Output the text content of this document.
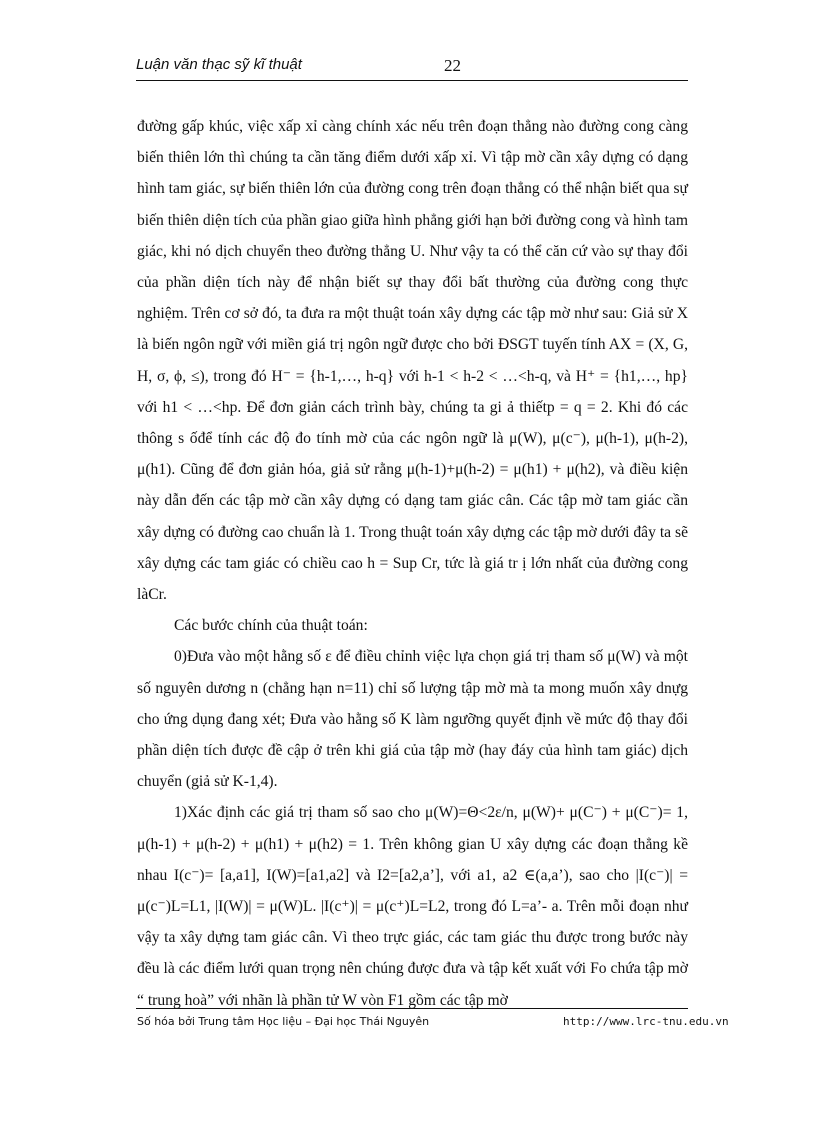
Luận văn thạc sỹ kĩ thuật	22

đường gấp khúc, việc xấp xỉ càng chính xác nếu trên đoạn thẳng nào đường cong càng biến thiên lớn thì chúng ta cần tăng điểm dưới xấp xỉ. Vì tập mờ cần xây dựng có dạng hình tam giác, sự biến thiên lớn của đường cong trên đoạn thẳng có thể nhận biết qua sự biến thiên diện tích của phần giao giữa hình phẳng giới hạn bởi đường cong và hình tam giác, khi nó dịch chuyển theo đường thẳng U. Như vậy ta có thể căn cứ vào sự thay đổi của phần diện tích này để nhận biết sự thay đổi bất thường của đường cong thực nghiệm. Trên cơ sở đó, ta đưa ra một thuật toán xây dựng các tập mờ như sau: Giả sử X là biến ngôn ngữ với miền giá trị ngôn ngữ được cho bởi ĐSGT tuyến tính AX = (X, G, H, σ, ϕ, ≤), trong đó H⁻ = {h-1,…, h-q} với h-1 < h-2 < …<h-q, và H⁺ = {h1,…, hp} với h1 < …<hp. Để đơn giản cách trình bày, chúng ta gi ả thiếtp = q = 2. Khi đó các thông s ốđể tính các độ đo tính mờ của các ngôn ngữ là μ(W), μ(c⁻), μ(h-1), μ(h-2), μ(h1). Cũng để đơn giản hóa, giả sử rằng μ(h-1)+μ(h-2) = μ(h1) + μ(h2), và điều kiện này dẫn đến các tập mờ cần xây dựng có dạng tam giác cân. Các tập mờ tam giác cần xây dựng có đường cao chuẩn là 1. Trong thuật toán xây dựng các tập mờ dưới đây ta sẽ xây dựng các tam giác có chiều cao h = Sup Cr, tức là giá tr ị lớn nhất của đường cong làCr.

Các bước chính của thuật toán:

0)Đưa vào một hằng số ε để điều chỉnh việc lựa chọn giá trị tham số μ(W) và một số nguyên dương n (chẳng hạn n=11) chỉ số lượng tập mờ mà ta mong muốn xây dnựg cho ứng dụng đang xét; Đưa vào hằng số K làm ngưỡng quyết định về mức độ thay đổi phần diện tích được đề cập ở trên khi giá của tập mờ (hay đáy của hình tam giác) dịch chuyển (giả sử K-1,4).

1)Xác định các giá trị tham số sao cho μ(W)=Θ<2ε/n, μ(W)+ μ(C⁻) + μ(C⁻)= 1, μ(h-1) + μ(h-2) + μ(h1) + μ(h2) = 1. Trên không gian U xây dựng các đoạn thẳng kề nhau I(c⁻)= [a,a1], I(W)=[a1,a2] và I2=[a2,a’], với a1, a2 ∈(a,a’), sao cho |I(c⁻)| = μ(c⁻)L=L1, |I(W)| = μ(W)L. |I(c⁺)| = μ(c⁺)L=L2, trong đó L=a’- a. Trên mỗi đoạn như vậy ta xây dựng tam giác cân. Vì theo trực giác, các tam giác thu được trong bước này đều là các điểm lưới quan trọng nên chúng được đưa và tập kết xuất với Fo chứa tập mờ “ trung hoà” với nhãn là phần tử W vòn F1 gồm các tập mờ

Số hóa bởi Trung tâm Học liệu – Đại học Thái Nguyên	http://www.lrc-tnu.edu.vn
